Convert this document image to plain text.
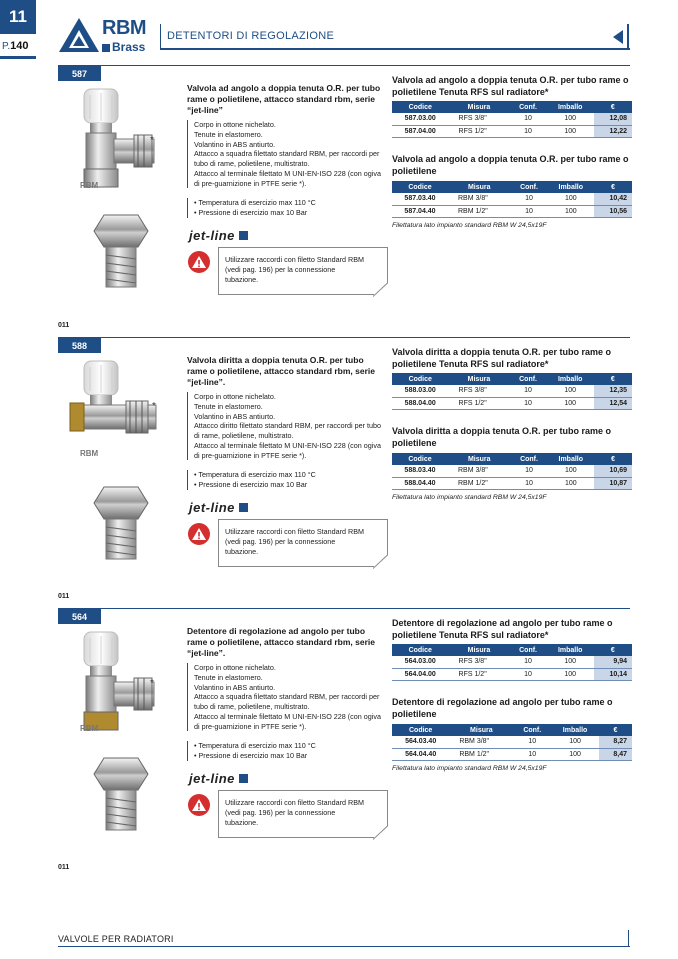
11
P.140
RBM
Brass
DETENTORI DI REGOLAZIONE
587
RBM
*
Valvola ad angolo a doppia tenuta O.R. per tubo rame o polietilene, attacco standard rbm, serie “jet-line”
Corpo in ottone nichelato.
Tenute in elastomero.
Volantino in ABS antiurto.
Attacco a squadra filettato standard RBM, per raccordi per tubo di rame, polietilene, multistrato.
Attacco al terminale filettato M UNI-EN-ISO 228 (con ogiva di pre-guarnizione in PTFE serie *).
• Temperatura di esercizio max 110 °C
• Pressione di esercizio max 10 Bar
jet-line
Utilizzare raccordi con filetto Standard RBM (vedi pag. 196) per la connessione tubazione.
Valvola ad angolo a doppia tenuta O.R. per tubo rame o polietilene Tenuta RFS sul radiatore*
Codice	Misura	Conf.	Imballo	€
587.03.00	RFS 3/8"	10	100	12,08
587.04.00	RFS 1/2"	10	100	12,22
Valvola ad angolo a doppia tenuta O.R. per tubo rame o polietilene
Codice	Misura	Conf.	Imballo	€
587.03.40	RBM 3/8"	10	100	10,42
587.04.40	RBM 1/2"	10	100	10,56
Filettatura lato impianto standard RBM W 24,5x19F
011
588
RBM
*
Valvola diritta a doppia tenuta O.R. per tubo rame o polietilene, attacco standard rbm, serie “jet-line”.
Corpo in ottone nichelato.
Tenute in elastomero.
Volantino in ABS antiurto.
Attacco diritto filettato standard RBM, per raccordi per tubo di rame, polietilene, multistrato.
Attacco al terminale filettato M UNI-EN-ISO 228 (con ogiva di pre-guarnizione in PTFE serie *).
• Temperatura di esercizio max 110 °C
• Pressione di esercizio max 10 Bar
jet-line
Utilizzare raccordi con filetto Standard RBM (vedi pag. 196) per la connessione tubazione.
Valvola diritta a doppia tenuta O.R. per tubo rame o polietilene Tenuta RFS sul radiatore*
Codice	Misura	Conf.	Imballo	€
588.03.00	RFS 3/8"	10	100	12,35
588.04.00	RFS 1/2"	10	100	12,54
Valvola diritta a doppia tenuta O.R. per tubo rame o polietilene
Codice	Misura	Conf.	Imballo	€
588.03.40	RBM 3/8"	10	100	10,69
588.04.40	RBM 1/2"	10	100	10,87
Filettatura lato impianto standard RBM W 24,5x19F
011
564
RBM
*
Detentore di regolazione ad angolo per tubo rame o polietilene, attacco standard rbm, serie “jet-line”.
Corpo in ottone nichelato.
Tenute in elastomero.
Volantino in ABS antiurto.
Attacco a squadra filettato standard RBM, per raccordi per tubo di rame, polietilene, multistrato.
Attacco al terminale filettato M UNI-EN-ISO 228 (con ogiva di pre-guarnizione in PTFE serie *).
• Temperatura di esercizio max 110 °C
• Pressione di esercizio max 10 Bar
jet-line
Utilizzare raccordi con filetto Standard RBM (vedi pag. 196) per la connessione tubazione.
Detentore di regolazione ad angolo per tubo rame o polietilene Tenuta RFS sul radiatore*
Codice	Misura	Conf.	Imballo	€
564.03.00	RFS 3/8"	10	100	9,94
564.04.00	RFS 1/2"	10	100	10,14
Detentore di regolazione ad angolo per tubo rame o polietilene
Codice	Misura	Conf.	Imballo	€
564.03.40	RBM 3/8"	10	100	8,27
564.04.40	RBM 1/2"	10	100	8,47
Filettatura lato impianto standard RBM W 24,5x19F
011
VALVOLE PER RADIATORI
